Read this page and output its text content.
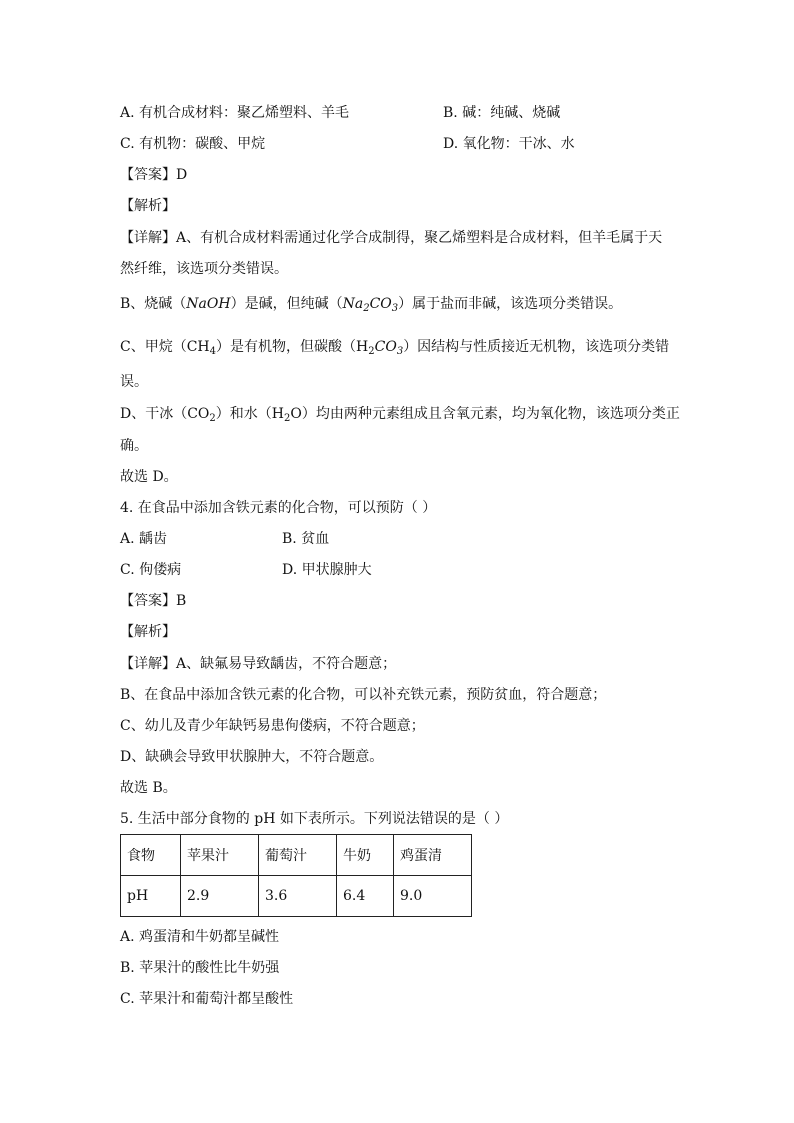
A. 有机合成材料：聚乙烯塑料、羊毛	B. 碱：纯碱、烧碱
C. 有机物：碳酸、甲烷	D. 氧化物：干冰、水
【答案】D
【解析】
【详解】A、有机合成材料需通过化学合成制得，聚乙烯塑料是合成材料，但羊毛属于天
然纤维，该选项分类错误。
B、烧碱（NaOH）是碱，但纯碱$(Na_2CO_3)$属于盐而非碱，该选项分类错误。
C、甲烷$(CH_4)$是有机物，但碳酸$(H_2CO_3)$因结构与性质接近无机物，该选项分类错
误。
D、干冰$(CO_2)$和水$(H_2O)$均由两种元素组成且含氧元素，均为氧化物，该选项分类正
确。
故选 D。
4. 在食品中添加含铁元素的化合物，可以预防（ ）
A. 龋齿	B. 贫血
C. 佝偻病	D. 甲状腺肿大
【答案】B
【解析】
【详解】A、缺氟易导致龋齿，不符合题意；
B、在食品中添加含铁元素的化合物，可以补充铁元素，预防贫血，符合题意；
C、幼儿及青少年缺钙易患佝偻病，不符合题意；
D、缺碘会导致甲状腺肿大，不符合题意。
故选 B。
5. 生活中部分食物的 pH 如下表所示。下列说法错误的是（ ）
食物	苹果汁	葡萄汁	牛奶	鸡蛋清
pH	2.9	3.6	6.4	9.0
A. 鸡蛋清和牛奶都呈碱性
B. 苹果汁的酸性比牛奶强
C. 苹果汁和葡萄汁都呈酸性
